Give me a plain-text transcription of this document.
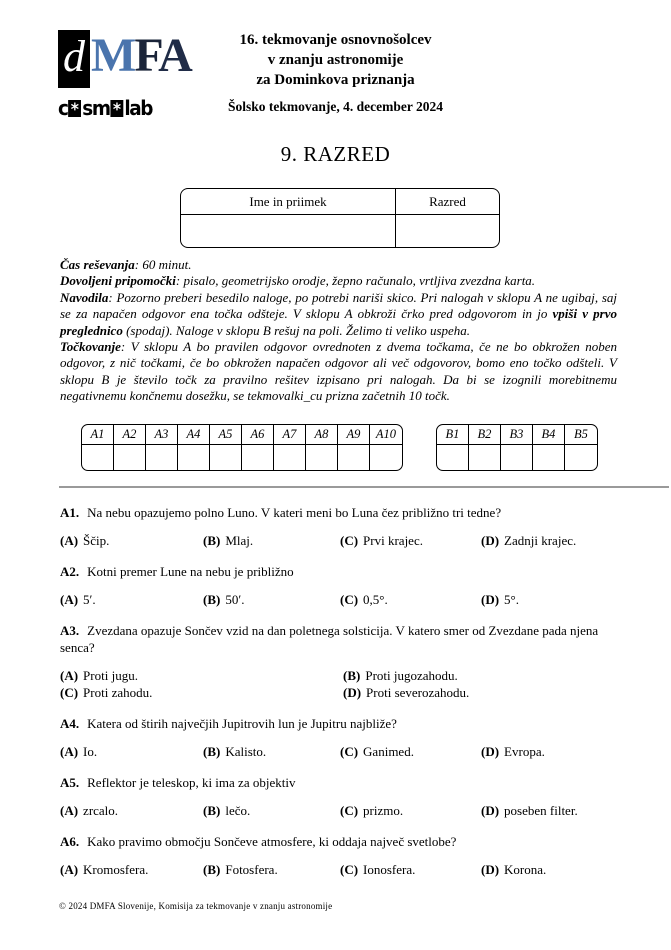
d MFA
c * sm * lab
16. tekmovanje osnovnošolcev
v znanju astronomije
za Dominkova priznanja
Šolsko tekmovanje, 4. december 2024
9. RAZRED
Ime in priimek	Razred
Čas reševanja: 60 minut.
Dovoljeni pripomočki: pisalo, geometrijsko orodje, žepno računalo, vrtljiva zvezdna karta.
Navodila: Pozorno preberi besedilo naloge, po potrebi nariši skico. Pri nalogah v sklopu A ne ugibaj, saj se za napačen odgovor ena točka odšteje. V sklopu A obkroži črko pred odgovorom in jo vpiši v prvo preglednico (spodaj). Naloge v sklopu B rešuj na poli. Želimo ti veliko uspeha.
Točkovanje: V sklopu A bo pravilen odgovor ovrednoten z dvema točkama, če ne bo obkrožen noben odgovor, z nič točkami, če bo obkrožen napačen odgovor ali več odgovorov, bomo eno točko odšteli. V sklopu B je število točk za pravilno rešitev izpisano pri nalogah. Da bi se izognili morebitnemu negativnemu končnemu dosežku, se tekmovalki_cu prizna začetnih 10 točk.
A1	A2	A3	A4	A5	A6	A7	A8	A9	A10	B1	B2	B3	B4	B5
A1. Na nebu opazujemo polno Luno. V kateri meni bo Luna čez približno tri tedne?
(A) Ščip.	(B) Mlaj.	(C) Prvi krajec.	(D) Zadnji krajec.
A2. Kotni premer Lune na nebu je približno
(A) 5′.	(B) 50′.	(C) 0,5°.	(D) 5°.
A3. Zvezdana opazuje Sončev vzid na dan poletnega solsticija. V katero smer od Zvezdane pada njena senca?
(A) Proti jugu.	(B) Proti jugozahodu.
(C) Proti zahodu.	(D) Proti severozahodu.
A4. Katera od štirih največjih Jupitrovih lun je Jupitru najbliže?
(A) Io.	(B) Kalisto.	(C) Ganimed.	(D) Evropa.
A5. Reflektor je teleskop, ki ima za objektiv
(A) zrcalo.	(B) lečo.	(C) prizmo.	(D) poseben filter.
A6. Kako pravimo območju Sončeve atmosfere, ki oddaja največ svetlobe?
(A) Kromosfera.	(B) Fotosfera.	(C) Ionosfera.	(D) Korona.
© 2024 DMFA Slovenije, Komisija za tekmovanje v znanju astronomije
